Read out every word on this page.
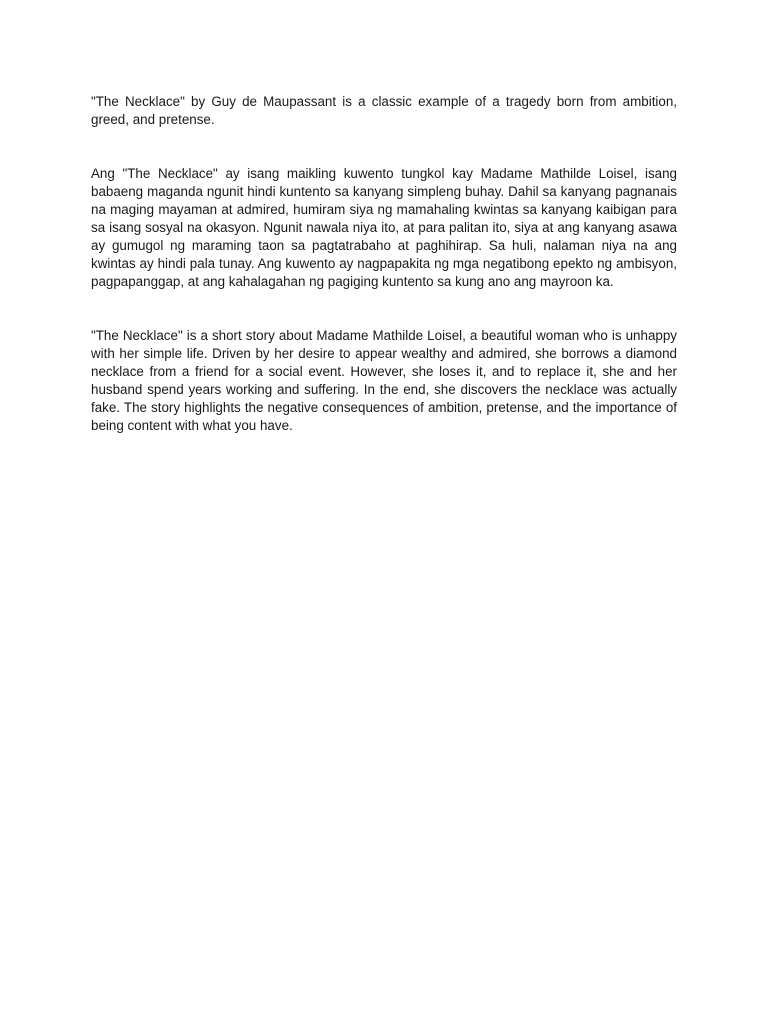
"The Necklace" by Guy de Maupassant is a classic example of a tragedy born from ambition, greed, and pretense.

Ang "The Necklace" ay isang maikling kuwento tungkol kay Madame Mathilde Loisel, isang babaeng maganda ngunit hindi kuntento sa kanyang simpleng buhay. Dahil sa kanyang pagnanais na maging mayaman at admired, humiram siya ng mamahaling kwintas sa kanyang kaibigan para sa isang sosyal na okasyon. Ngunit nawala niya ito, at para palitan ito, siya at ang kanyang asawa ay gumugol ng maraming taon sa pagtatrabaho at paghihirap. Sa huli, nalaman niya na ang kwintas ay hindi pala tunay. Ang kuwento ay nagpapakita ng mga negatibong epekto ng ambisyon, pagpapanggap, at ang kahalagahan ng pagiging kuntento sa kung ano ang mayroon ka.

"The Necklace" is a short story about Madame Mathilde Loisel, a beautiful woman who is unhappy with her simple life. Driven by her desire to appear wealthy and admired, she borrows a diamond necklace from a friend for a social event. However, she loses it, and to replace it, she and her husband spend years working and suffering. In the end, she discovers the necklace was actually fake. The story highlights the negative consequences of ambition, pretense, and the importance of being content with what you have.
